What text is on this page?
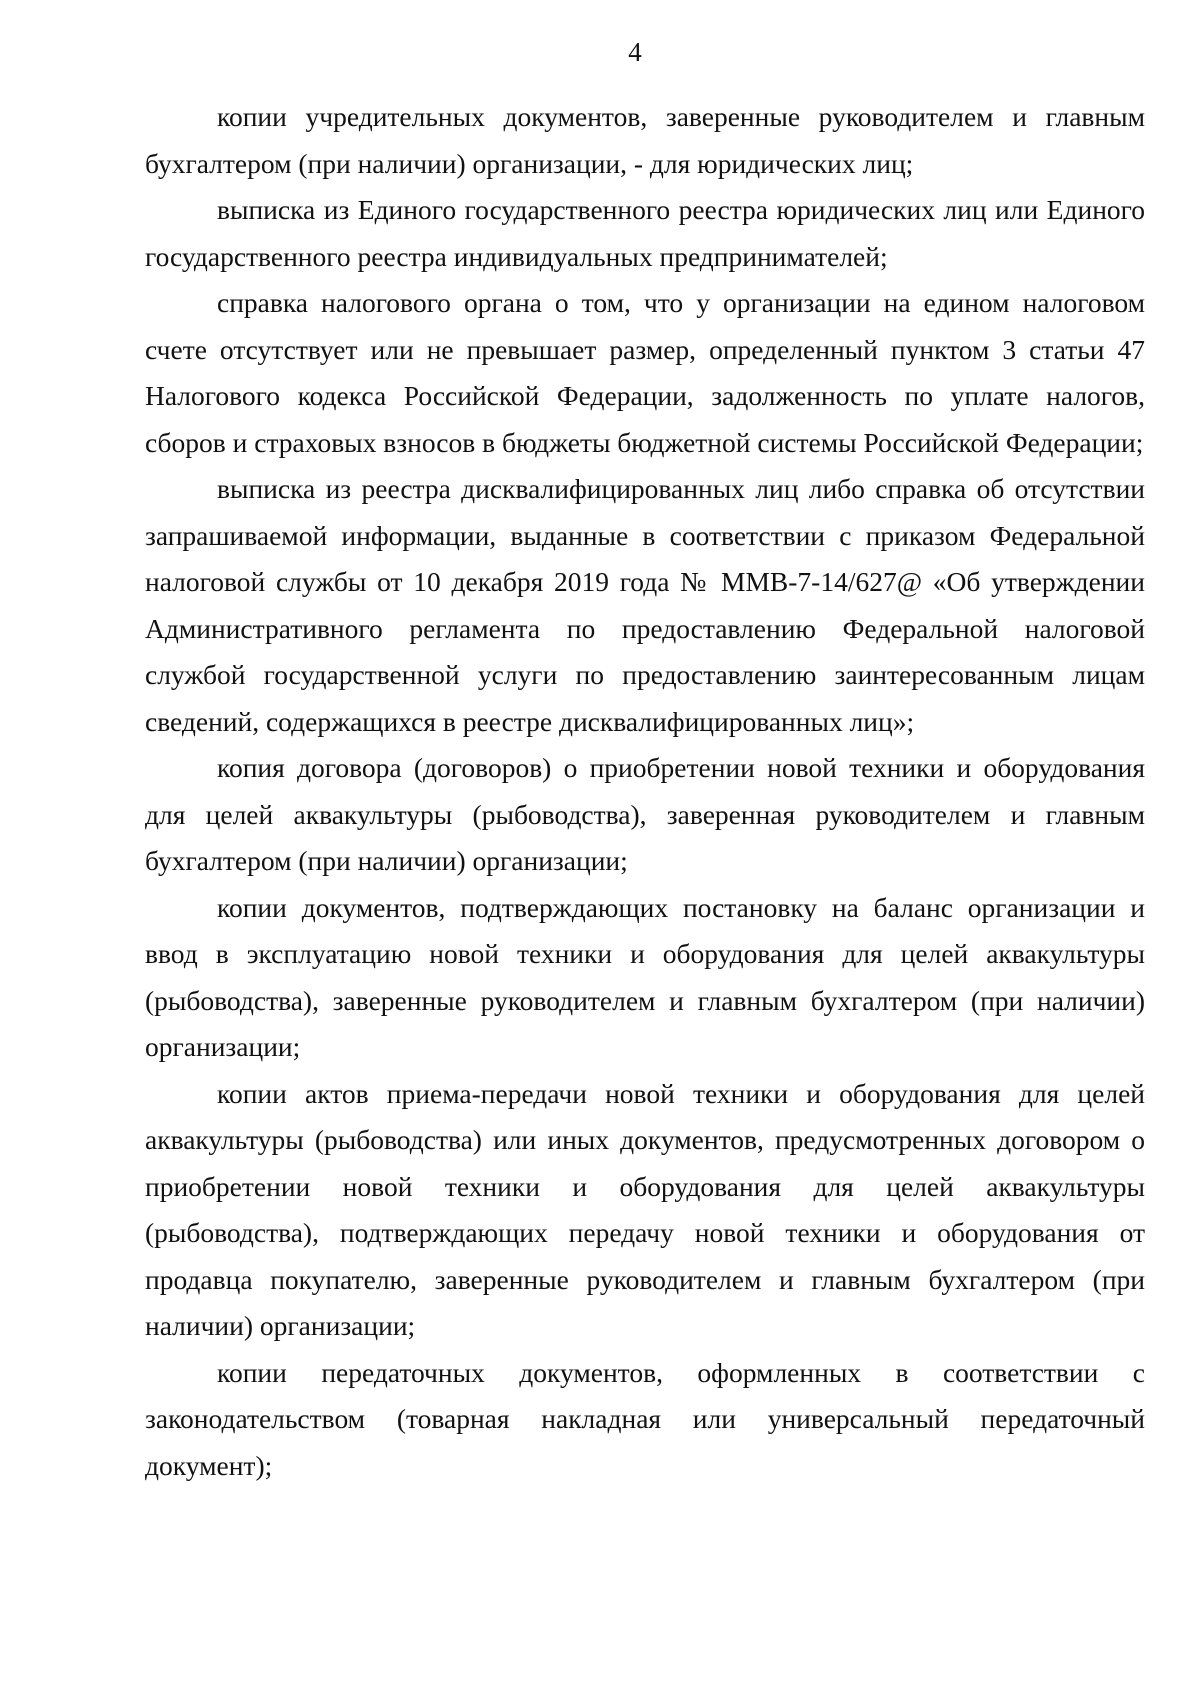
4

копии учредительных документов, заверенные руководителем и главным бухгалтером (при наличии) организации, - для юридических лиц;

выписка из Единого государственного реестра юридических лиц или Единого государственного реестра индивидуальных предпринимателей;

справка налогового органа о том, что у организации на едином налоговом счете отсутствует или не превышает размер, определенный пунктом 3 статьи 47 Налогового кодекса Российской Федерации, задолженность по уплате налогов, сборов и страховых взносов в бюджеты бюджетной системы Российской Федерации;

выписка из реестра дисквалифицированных лиц либо справка об отсутствии запрашиваемой информации, выданные в соответствии с приказом Федеральной налоговой службы от 10 декабря 2019 года № ММВ-7-14/627@ «Об утверждении Административного регламента по предоставлению Федеральной налоговой службой государственной услуги по предоставлению заинтересованным лицам сведений, содержащихся в реестре дисквалифицированных лиц»;

копия договора (договоров) о приобретении новой техники и оборудования для целей аквакультуры (рыбоводства), заверенная руководителем и главным бухгалтером (при наличии) организации;

копии документов, подтверждающих постановку на баланс организации и ввод в эксплуатацию новой техники и оборудования для целей аквакультуры (рыбоводства), заверенные руководителем и главным бухгалтером (при наличии) организации;

копии актов приема-передачи новой техники и оборудования для целей аквакультуры (рыбоводства) или иных документов, предусмотренных договором о приобретении новой техники и оборудования для целей аквакультуры (рыбоводства), подтверждающих передачу новой техники и оборудования от продавца покупателю, заверенные руководителем и главным бухгалтером (при наличии) организации;

копии передаточных документов, оформленных в соответствии с законодательством (товарная накладная или универсальный передаточный документ);
